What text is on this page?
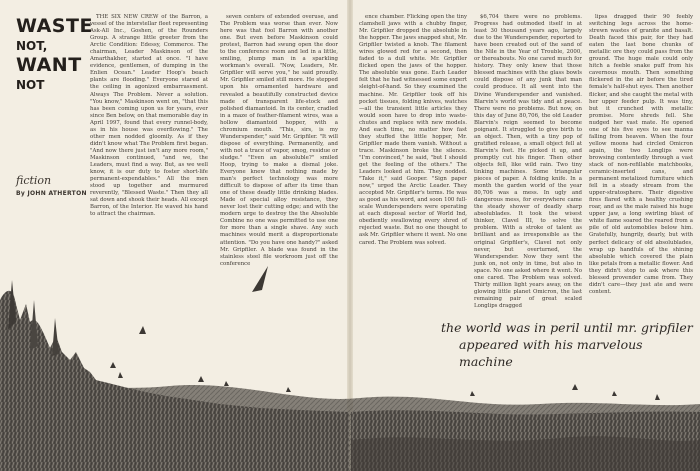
WASTE
NOT,
WANT
NOT
fiction
By JOHN ATHERTON

THE SIX NEW CREW of the Barron, a vessel of the interstellar fleet representing Ask-All Inc., Goshen, of the Rounders Group. A strange little greeter from the Arctic Condition: Edessy, Commerce. The chairman, Leader Maskinson of the Amarthakher, started at once. "I have evidence, gentlemen, of dumping in the Enlien Ocean." Leader Hoop's beach plants are flooding." Everyone stared at the ceiling in agonized embarrassment. Always The Problem. Never a solution. "You know," Maskinson went on, "that this has been coming upon us for years, ever since Ben below, on that memorable day in April 1997, found that every runnel-body, as in his house was overflowing." The other men nodded gloomily. As if they didn't know what The Problem first began. "And now there just isn't any more room," Maskinson continued, "and we, the Leaders, must find a way. But, as we well know, it is our duty to foster short-life permanent-expendables." All the men stood up together and murmured reverently, "Blessed Waste." Then they all sat down and shook their heads. All except Barron, of the Interior. He waved his hand to attract the chairman.

seven centers of extended overuse, and The Problem was worse than ever. Now here was that fool Barron with another one. But even before Maskinson could protest, Barron had swung open the door to the conference room and led in a little, smiling, plump man in a sparkling workman's overall. "Now, Leaders, Mr. Gripfiler will serve you," he said proudly. Mr. Gripfiler smiled still more. He stepped upon his ornamented hardware and revealed a beautifully constructed device made of transparent life-stock and polished diamantoid. In its center, cradled in a maze of feather-filament wires, was a hollow diamantoid hopper, with a chromium mouth. "This, sirs, is my Wunderspender," said Mr. Gripfiler. "It will dispose of everything. Permanently, and with not a trace of vapor, smog, residue or sludge." "Even an absoluble?" smiled Hoop, trying to make a dismal joke. Everyone knew that nothing made by man's perfect technology was more difficult to dispose of after its time than one of these deadly little drinking blades. Made of special alloy resistance, they never lost their cutting edge; and with the modern urge to destroy the the Absoluble Combine no one was permitted to use one for more than a single shave. Any such machines would merit a disproportionate attention. "Do you have one handy?" asked Mr. Gripfiler. A blade was found in the stainless steel file workroom just off the conference

ence chamber. Flicking open the tiny clamshell jaws with a chubby finger, Mr. Gripfiler dropped the absoluble in the hopper. The jaws snapped shut, Mr. Gripfiler twisted a knob. The filament wires glowed red for a second, then faded to a dull white. Mr. Gripfiler flicked open the jaws of the hopper. The absoluble was gone. Each Leader felt that he had witnessed some expert sleight-of-hand. So they examined the machine. Mr. Gripfiler took off his pocket tissues, folding knives, watches—all the transient little articles they would soon have to drop into waste-chutes and replace with new models. And each time, no matter how fast they stuffed the little hopper, Mr. Gripfiler made them vanish. Without a trace. Maskinson broke the silence. "I'm convinced," he said, "but I should get the feeling of the others." The Leaders looked at him. They nodded. "Take it," said Gooper. "Sign paper now," urged the Arctic Leader. They accepted Mr. Gripfiler's terms. He was as good as his word, and soon 100 full-scale Wunderspenders were operating at each disposal sector of World Ind, obediently swallowing every shred of rejected waste. But no one thought to ask Mr. Gripfiler where it went. No one cared. The Problem was solved.

$6,704 there were no problems. Progress had outmoded itself in at least 30 thousand years ago, largely due to the Wunderspender, reported to have been created out of the sand of the Nile in the Year of Trouble, 2000, or thereabouts. No one cared much for history. They only knew that those blessed machines with the glass bowls could dispose of any junk that man could produce. It all went into the Divine Wunderspender and vanished. Blarvin's world was tidy and at peace. There were no problems. But now, on this day of June 80,706, the old Leader Blarvin's reign seemed to become poignant. It struggled to give birth to an object. Then, with a tiny pop of gratified release, a small object fell at Blarvin's feet. He picked it up, and promptly cut his finger. Then other objects fell, like wild rain. Two tiny tinking machines. Some triangular pieces of paper. A folding knife. In a month the garden world of the year 80,706 was a mess. In ugly and dangerous mess, for everywhere came the steady shower of deadly sharp absolublades. It took the wisest thinker, Clavel III, to solve the problem. With a stroke of talent as brilliant and as irresponsible as the original Gripfiler's, Clavel not only never, but overturned, the Wunderspender. Now they sent the junk on, not only in time, but also in space. No one asked where it went. No one cared. The Problem was solved. Thirty million light years away, on the glowing little planet Omicron, the last remaining pair of great scaled Longlips dragged

lipss dragged their 90 feebly switching legs across the home-strewn wastes of granite and basalt. Death faced this pair, for they had eaten the last bone chunks of metallic ore they could pass from the ground. The huge male could only hitch a feeble snake puff from his cavernous mouth. Then something flickered in the air before the tired female's half-shut eyes. Then another flicker, and she caught the metal with her upper feeder pulp. It was tiny, but it crunched with metallic promise. More shreds fell. She nudged her vast mate. He opened one of his five eyes to see manna falling from heaven. When the four yellow moons had circled Omicron again, the two Longlips were browsing contentedly through a vast stack of non-refillable matchbooks, ceramic-inserted cans, and permanent metalized furniture which fell in a steady stream from the upper-stratosphere. Their digestive fires flared with a healthy crushing roar, and as the male raised his huge upper jaw, a long swirling blast of white flame soared the reared from a pile of old automobiles below him. Gratefully, hungrily, dearly, but with perfect delicacy of old absolublades, wrap up handfuls of the shining absoluble which covered the plain like petals from a metallic flower. And they didn't stop to ask where this blessed provender came from. They didn't care—they just ate and were content.

the world was in peril until mr. gripfiler
appeared with his marvelous machine
